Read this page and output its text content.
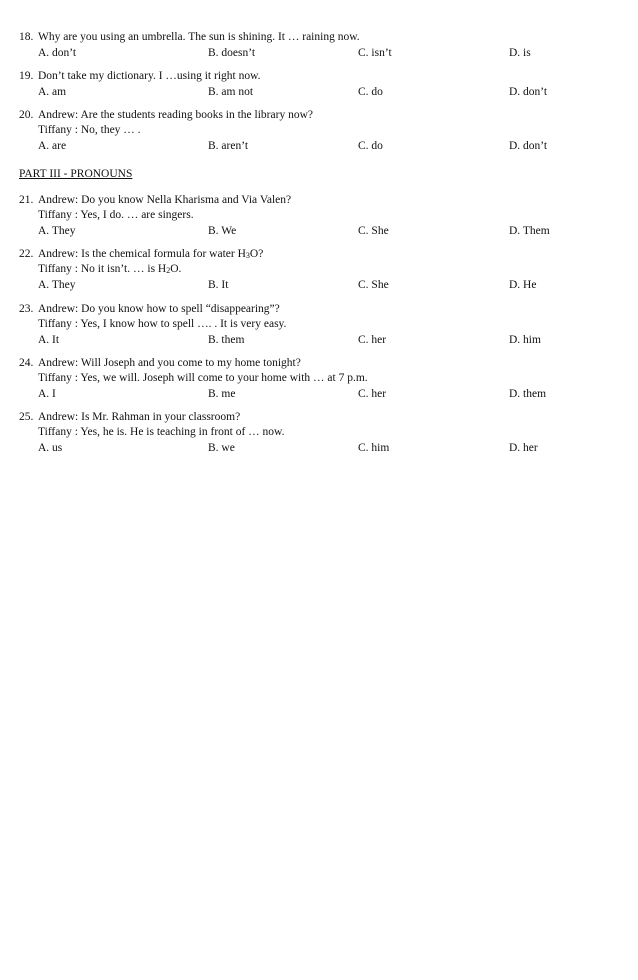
18. Why are you using an umbrella. The sun is shining. It … raining now.
A. don’t	B. doesn’t	C. isn’t	D. is
19. Don’t take my dictionary. I …using it right now.
A. am	B. am not	C. do	D. don’t
20. Andrew: Are the students reading books in the library now?
Tiffany : No, they … .
A. are	B. aren’t	C. do	D. don’t
PART III - PRONOUNS
21. Andrew: Do you know Nella Kharisma and Via Valen?
Tiffany : Yes, I do. … are singers.
A. They	B. We	C. She	D. Them
22. Andrew: Is the chemical formula for water $H_3O$?
Tiffany : No it isn’t. … is $H_2O$.
A. They	B. It	C. She	D. He
23. Andrew: Do you know how to spell “disappearing”?
Tiffany : Yes, I know how to spell …. . It is very easy.
A. It	B. them	C. her	D. him
24. Andrew: Will Joseph and you come to my home tonight?
Tiffany : Yes, we will. Joseph will come to your home with … at 7 p.m.
A. I	B. me	C. her	D. them
25. Andrew: Is Mr. Rahman in your classroom?
Tiffany : Yes, he is. He is teaching in front of … now.
A. us	B. we	C. him	D. her
